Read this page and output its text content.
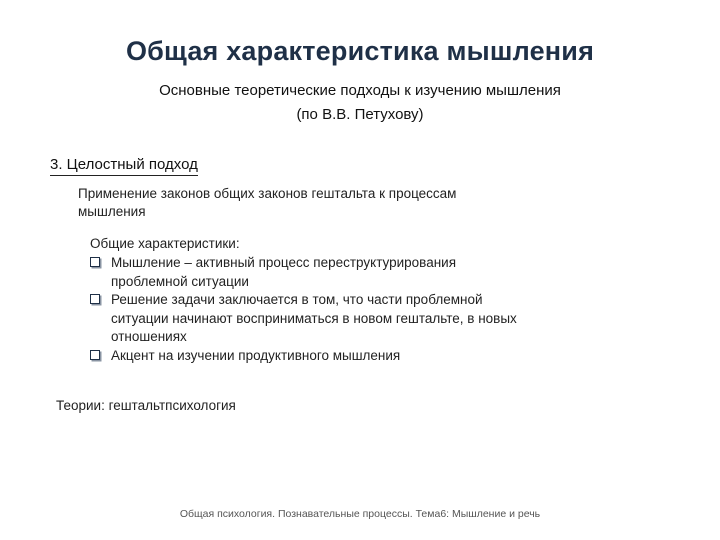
Общая характеристика мышления
Основные теоретические подходы к изучению мышления
(по В.В. Петухову)
3. Целостный подход
Применение законов общих законов гештальта к процессам мышления
Общие характеристики:
Мышление – активный процесс переструктурирования проблемной ситуации
Решение задачи заключается в том, что части проблемной ситуации начинают восприниматься в новом гештальте, в новых отношениях
Акцент на изучении продуктивного мышления
Теории: гештальтпсихология
Общая психология. Познавательные процессы. Тема6: Мышление и речь
